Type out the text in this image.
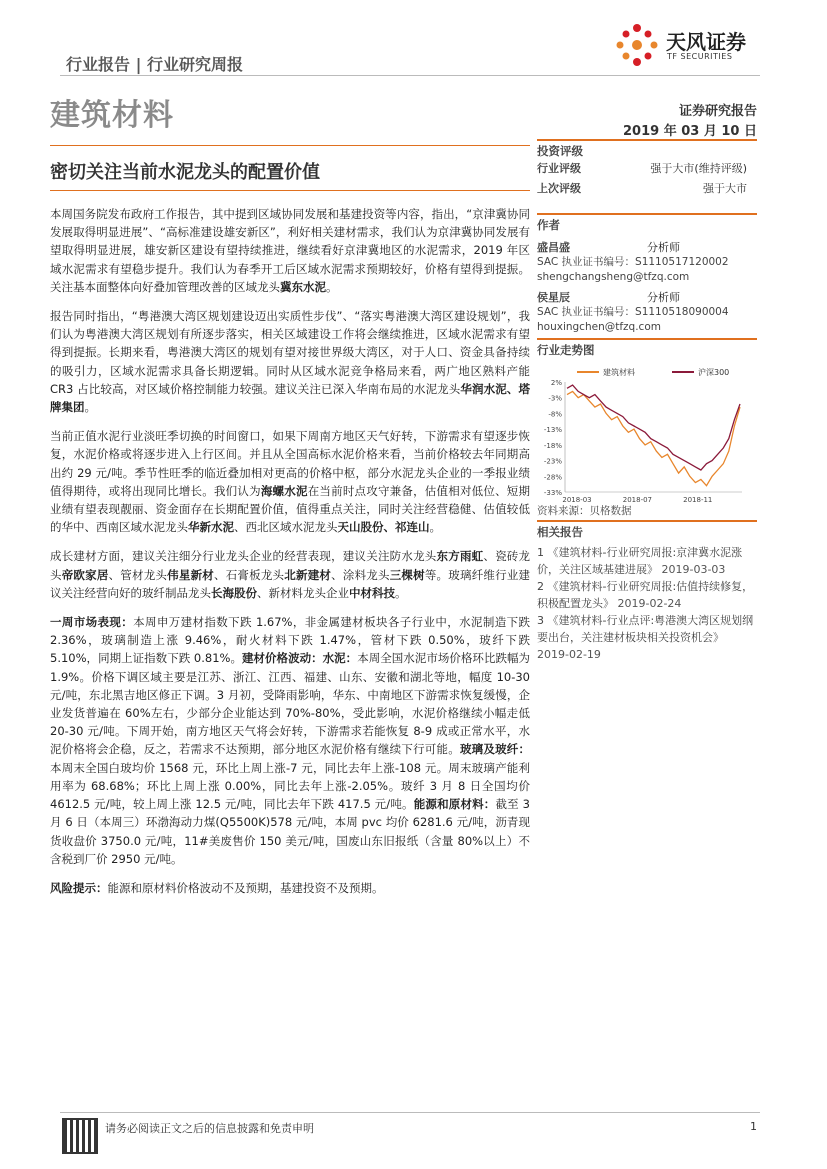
行业报告 | 行业研究周报
天风证券
TF SECURITIES
建筑材料	证券研究报告
2019 年 03 月 10 日
密切关注当前水泥龙头的配置价值

本周国务院发布政府工作报告，其中提到区域协同发展和基建投资等内容，指出，“京津冀协同发展取得明显进展”、“高标准建设雄安新区”，利好相关建材需求，我们认为京津冀协同发展有望取得明显进展，雄安新区建设有望持续推进，继续看好京津冀地区的水泥需求，2019 年区域水泥需求有望稳步提升。我们认为春季开工后区域水泥需求预期较好，价格有望得到提振。关注基本面整体向好叠加管理改善的区域龙头冀东水泥。

报告同时指出，“粤港澳大湾区规划建设迈出实质性步伐”、“落实粤港澳大湾区建设规划”，我们认为粤港澳大湾区规划有所逐步落实，相关区域建设工作将会继续推进，区域水泥需求有望得到提振。长期来看，粤港澳大湾区的规划有望对接世界级大湾区，对于人口、资金具备持续的吸引力，区域水泥需求具备长期逻辑。同时从区域水泥竞争格局来看，两广地区熟料产能 CR3 占比较高，对区域价格控制能力较强。建议关注已深入华南布局的水泥龙头华润水泥、塔牌集团。

当前正值水泥行业淡旺季切换的时间窗口，如果下周南方地区天气好转，下游需求有望逐步恢复，水泥价格或将逐步进入上行区间。并且从全国高标水泥价格来看，当前价格较去年同期高出约 29 元/吨。季节性旺季的临近叠加相对更高的价格中枢，部分水泥龙头企业的一季报业绩值得期待，或将出现同比增长。我们认为海螺水泥在当前时点攻守兼备，估值相对低位、短期业绩有望表现靓丽、资金面存在长期配置价值，值得重点关注，同时关注经营稳健、估值较低的华中、西南区域水泥龙头华新水泥、西北区域水泥龙头天山股份、祁连山。

成长建材方面，建议关注细分行业龙头企业的经营表现，建议关注防水龙头东方雨虹、瓷砖龙头帝欧家居、管材龙头伟星新材、石膏板龙头北新建材、涂料龙头三棵树等。玻璃纤维行业建议关注经营向好的玻纤制品龙头长海股份、新材料龙头企业中材科技。

一周市场表现：本周申万建材指数下跌 1.67%，非金属建材板块各子行业中，水泥制造下跌 2.36%，玻璃制造上涨 9.46%，耐火材料下跌 1.47%，管材下跌 0.50%，玻纤下跌 5.10%，同期上证指数下跌 0.81%。建材价格波动：水泥：本周全国水泥市场价格环比跌幅为 1.9%。价格下调区域主要是江苏、浙江、江西、福建、山东、安徽和湖北等地，幅度 10-30 元/吨，东北黑吉地区修正下调。3 月初，受降雨影响，华东、中南地区下游需求恢复缓慢，企业发货普遍在 60%左右，少部分企业能达到 70%-80%，受此影响，水泥价格继续小幅走低 20-30 元/吨。下周开始，南方地区天气将会好转，下游需求若能恢复 8-9 成或正常水平，水泥价格将会企稳，反之，若需求不达预期，部分地区水泥价格有继续下行可能。玻璃及玻纤：本周末全国白玻均价 1568 元，环比上周上涨-7 元，同比去年上涨-108 元。周末玻璃产能利用率为 68.68%；环比上周上涨 0.00%，同比去年上涨-2.05%。玻纤 3 月 8 日全国均价 4612.5 元/吨，较上周上涨 12.5 元/吨，同比去年下跌 417.5 元/吨。能源和原材料：截至 3 月 6 日（本周三）环渤海动力煤(Q5500K)578 元/吨，本周 pvc 均价 6281.6 元/吨，沥青现货收盘价 3750.0 元/吨，11#美废售价 150 美元/吨，国废山东旧报纸（含量 80%以上）不含税到厂价 2950 元/吨。

风险提示：能源和原材料价格波动不及预期，基建投资不及预期。

投资评级
行业评级	强于大市(维持评级)
上次评级	强于大市
作者
盛昌盛	分析师
SAC 执业证书编号：S1110517120002
shengchangsheng@tfzq.com
侯星辰	分析师
SAC 执业证书编号：S1110518090004
houxingchen@tfzq.com
行业走势图
建筑材料	沪深300
2%
-3%
-8%
-13%
-18%
-23%
-28%
-33%
2018-03	2018-07	2018-11
资料来源：贝格数据
相关报告
1 《建筑材料-行业研究周报:京津冀水泥涨价，关注区域基建进展》 2019-03-03
2 《建筑材料-行业研究周报:估值持续修复，积极配置龙头》 2019-02-24
3 《建筑材料-行业点评:粤港澳大湾区规划纲要出台，关注建材板块相关投资机会》 2019-02-19
请务必阅读正文之后的信息披露和免责申明	1
